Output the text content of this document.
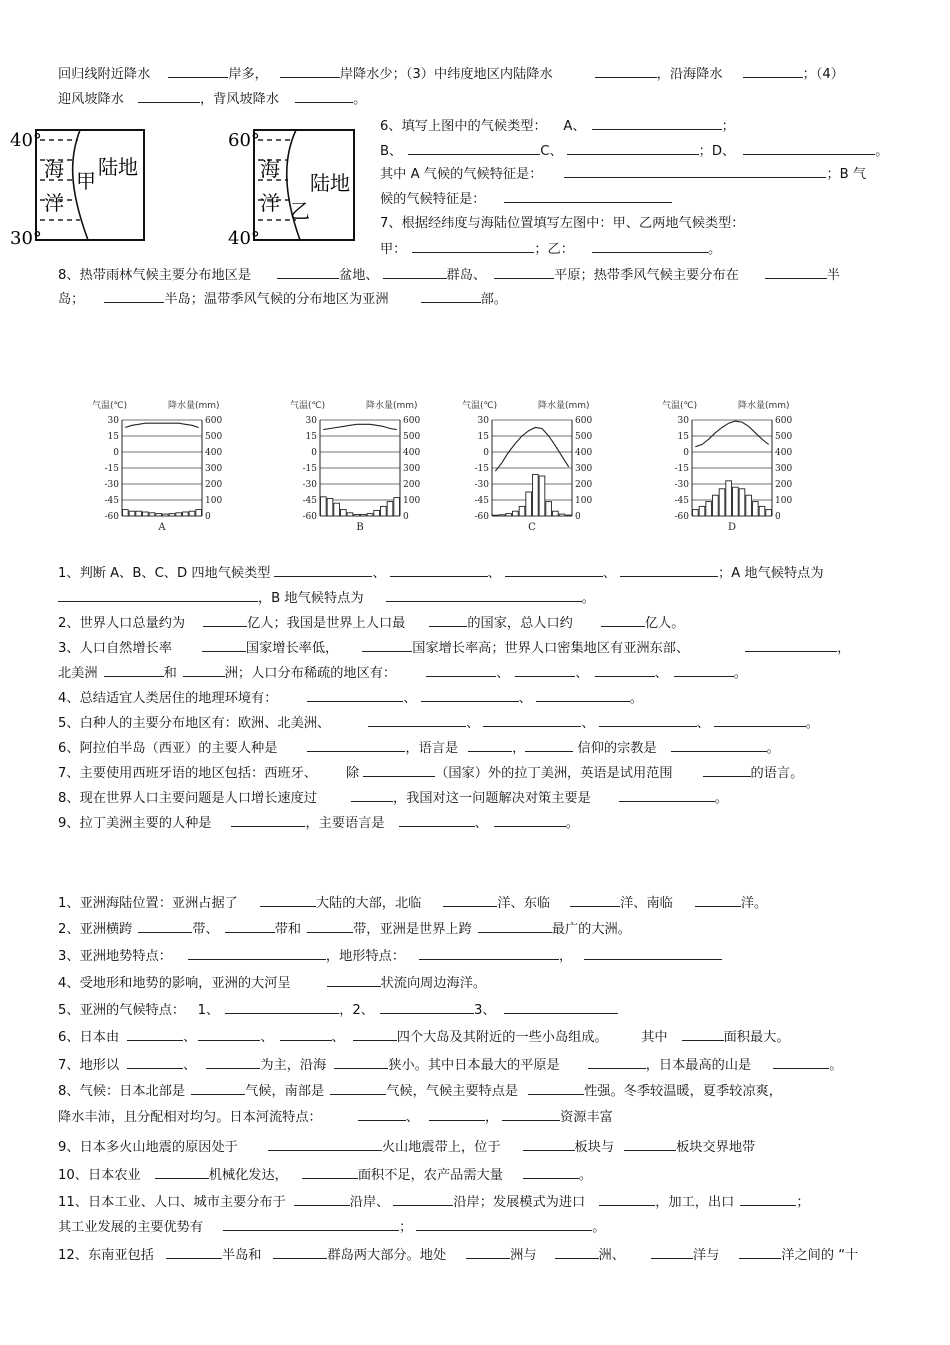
回归线附近降水	岸多，	岸降水少；（3）中纬度地区内陆降水	，沿海降水	；（4）
迎风坡降水	，背风坡降水	。
40°
30°
海
洋
甲
陆地
60°
40°
海
洋 乙
陆地
6、填写上图中的气候类型： A、	；
B、	C、	；D、	。
其中 A 气候的气候特征是：	；B 气
候的气候特征是：
7、根据经纬度与海陆位置填写左图中：甲、乙两地气候类型：
甲：	；乙：	。
8、热带雨林气候主要分布地区是	盆地、	群岛、	平原；热带季风气候主要分布在	半
岛；	半岛；温带季风气候的分布地区为亚洲	部。
气温(℃)	降水量(mm)
30	600
15	500
0	400
-15	300
-30	200
-45	100
-60	0
A
气温(℃)	降水量(mm)
30	600
15	500
0	400
-15	300
-30	200
-45	100
-60	0
B
气温(℃)	降水量(mm)
30	600
15	500
0	400
-15	300
-30	200
-45	100
-60	0
C
气温(℃)	降水量(mm)
30	600
15	500
0	400
-15	300
-30	200
-45	100
-60	0
D
1、判断 A、B、C、D 四地气候类型	、	、	、	；A 地气候特点为
，B 地气候特点为	。
2、世界人口总量约为	亿人；我国是世界上人口最	的国家，总人口约	亿人。
3、人口自然增长率	国家增长率低，	国家增长率高；世界人口密集地区有亚洲东部、	，
北美洲	和	洲；人口分布稀疏的地区有：	、	、	、	。
4、总结适宜人类居住的地理环境有：	、	、	。
5、白种人的主要分布地区有：欧洲、北美洲、	、	、	、	。
6、阿拉伯半岛（西亚）的主要人种是	，语言是	，	信仰的宗教是	。
7、主要使用西班牙语的地区包括：西班牙、 除	（国家）外的拉丁美洲，英语是试用范围	的语言。
8、现在世界人口主要问题是人口增长速度过	，我国对这一问题解决对策主要是	。
9、拉丁美洲主要的人种是	，主要语言是	、	。
1、亚洲海陆位置：亚洲占据了	大陆的大部，北临	洋、东临	洋、南临	洋。
2、亚洲横跨	带、	带和	带，亚洲是世界上跨	最广的大洲。
3、亚洲地势特点：	，地形特点：	，
4、受地形和地势的影响，亚洲的大河呈	状流向周边海洋。
5、亚洲的气候特点： 1、	，2、	3、
6、日本由	、	、	、	四个大岛及其附近的一些小岛组成。	其中	面积最大。
7、地形以	、	为主，沿海	狭小。其中日本最大的平原是	，日本最高的山是	。
8、气候：日本北部是	气候，南部是	气候，气候主要特点是	性强。冬季较温暖，夏季较凉爽，
降水丰沛，且分配相对均匀。日本河流特点：	、	，	资源丰富
9、日本多火山地震的原因处于	火山地震带上，位于	板块与	板块交界地带
10、日本农业	机械化发达，	面积不足，农产品需大量	。
11、日本工业、人口、城市主要分布于	沿岸、	沿岸；发展模式为进口	，加工，出口	；
其工业发展的主要优势有	；	。
12、东南亚包括	半岛和	群岛两大部分。地处	洲与	洲、	洋与	洋之间的 “十
